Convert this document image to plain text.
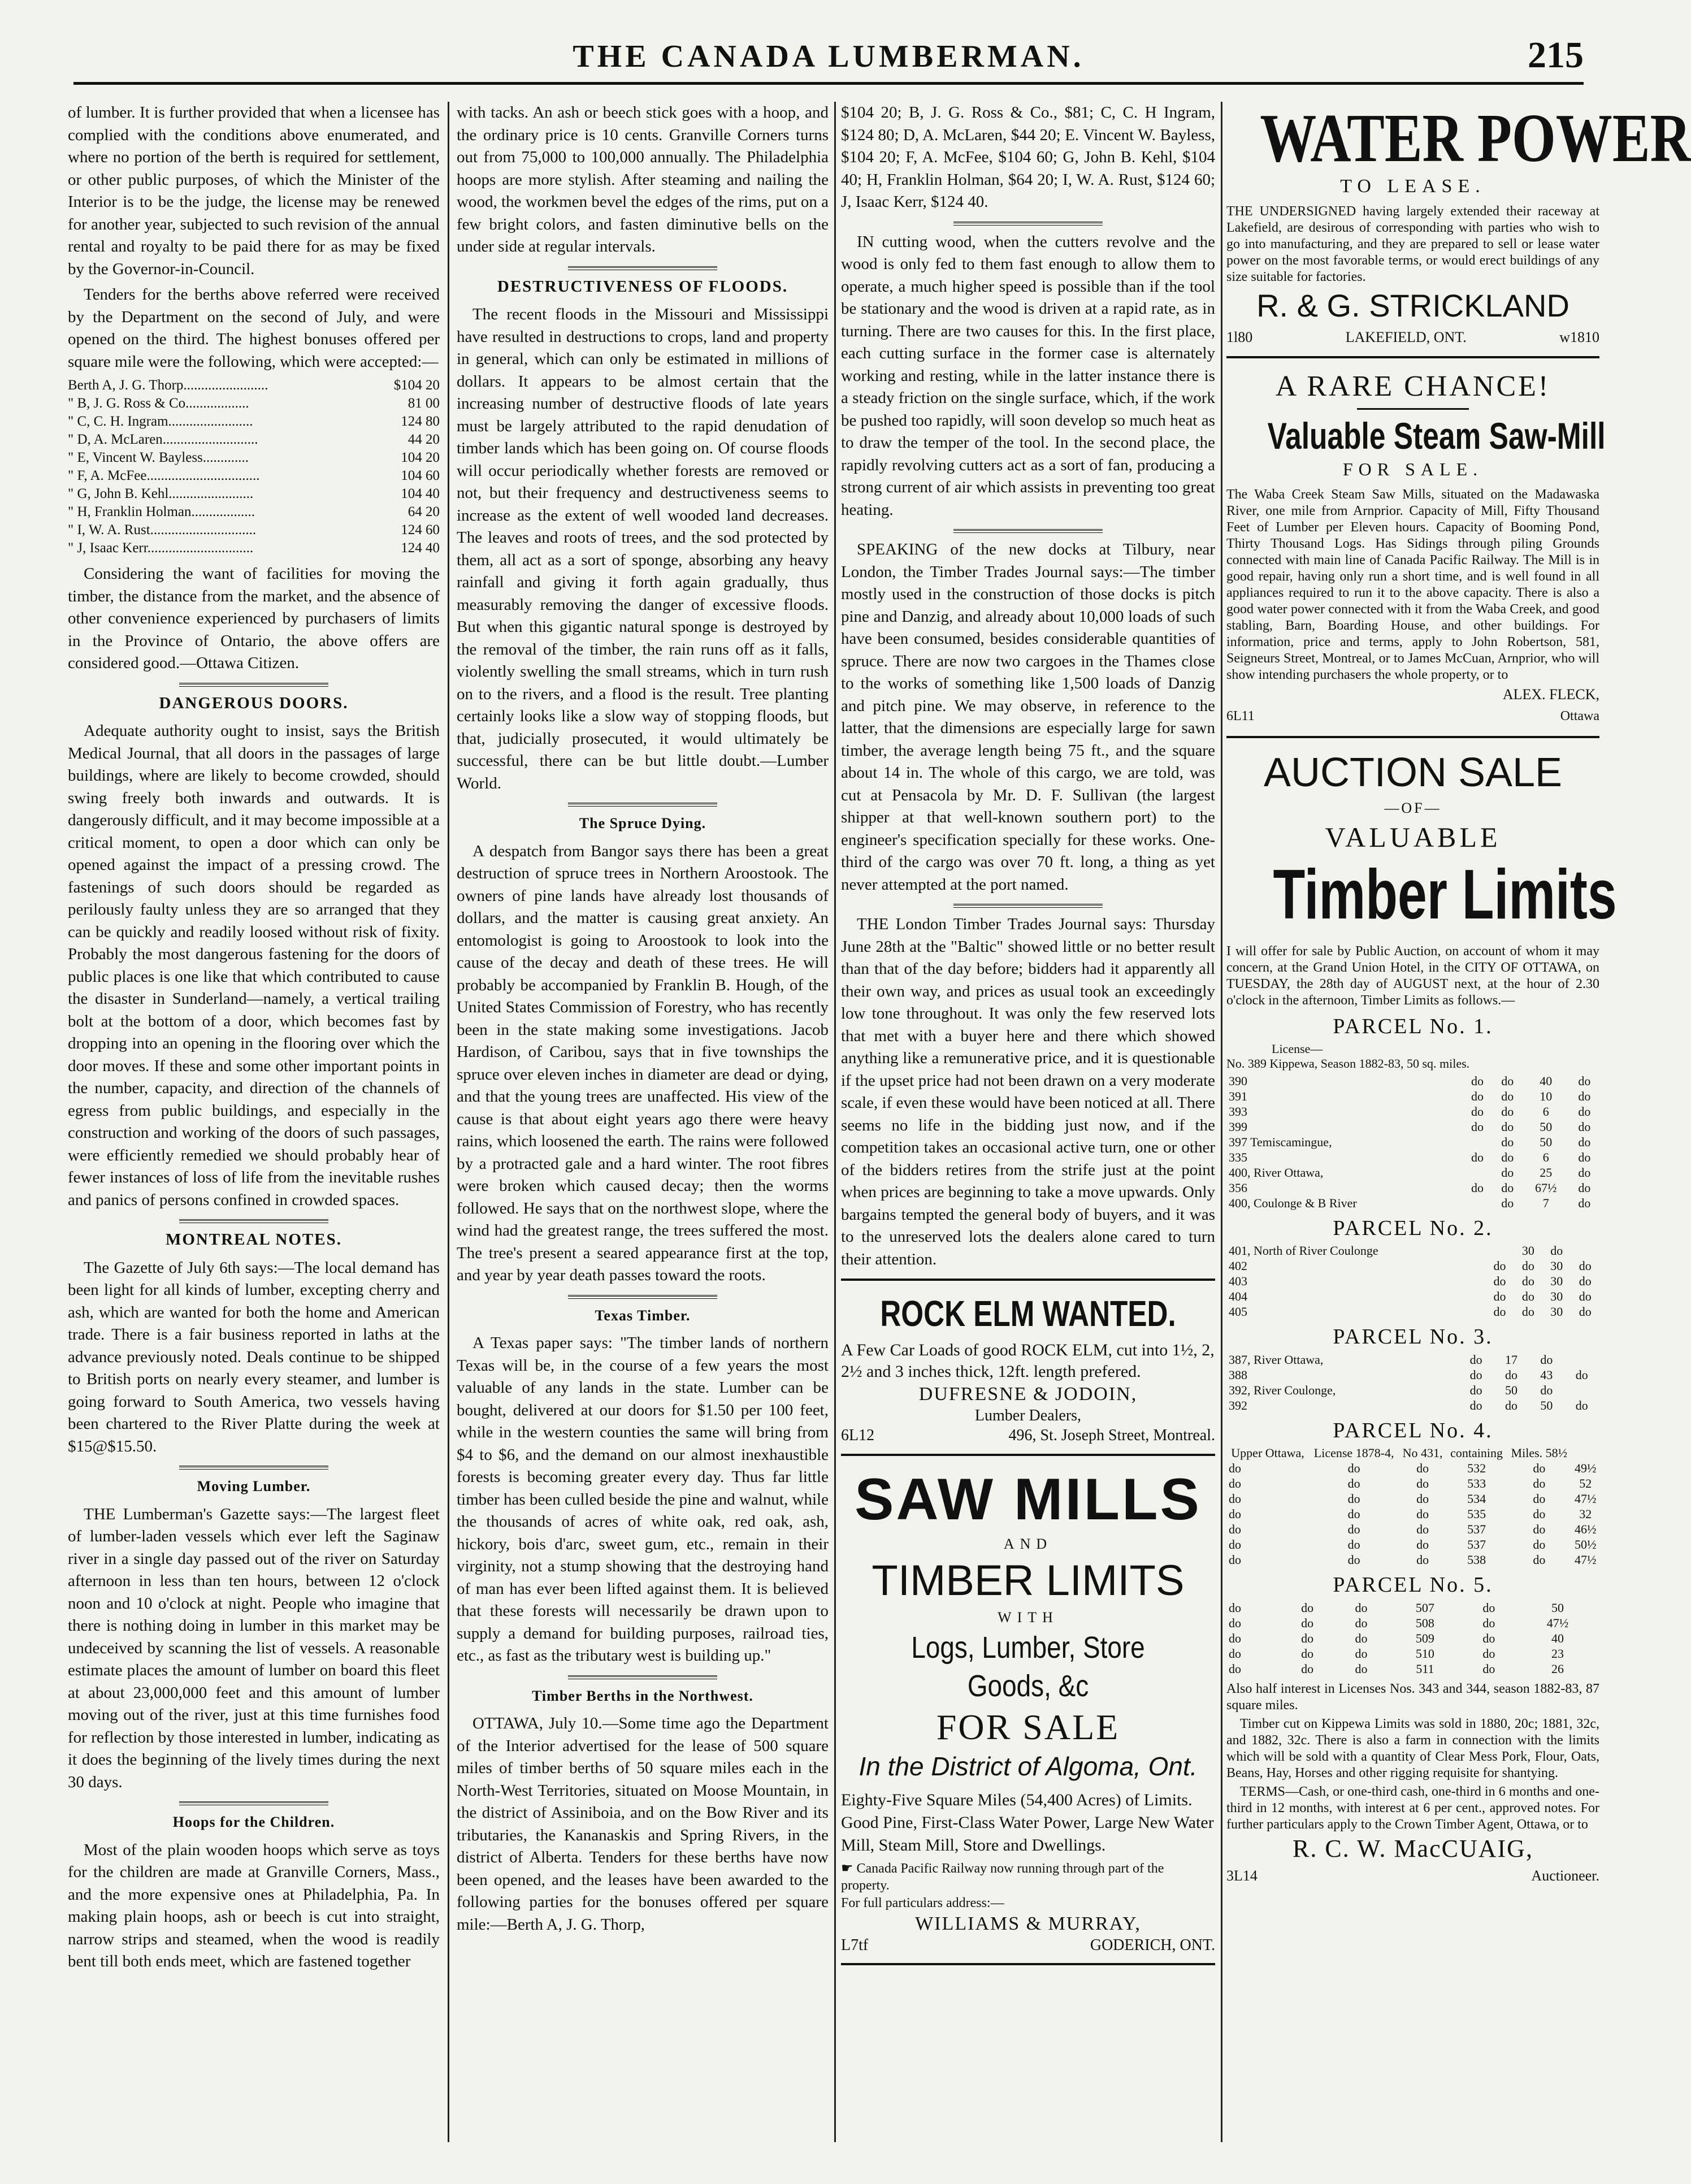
THE CANADA LUMBERMAN.	215

of lumber. It is further provided that when a licensee has complied with the conditions above enumerated, and where no portion of the berth is required for settlement, or other public purposes, of which the Minister of the Interior is to be the judge, the license may be renewed for another year, subjected to such revision of the annual rental and royalty to be paid there for as may be fixed by the Governor-in-Council.

Tenders for the berths above referred were received by the Department on the second of July, and were opened on the third. The highest bonuses offered per square mile were the following, which were accepted:—

Berth A, J. G. Thorp........................	$104 20
" B, J. G. Ross & Co..................	81 00
" C, C. H. Ingram........................	124 80
" D, A. McLaren...........................	44 20
" E, Vincent W. Bayless.............	104 20
" F, A. McFee................................	104 60
" G, John B. Kehl........................	104 40
" H, Franklin Holman..................	64 20
" I, W. A. Rust..............................	124 60
" J, Isaac Kerr..............................	124 40

Considering the want of facilities for moving the timber, the distance from the market, and the absence of other convenience experienced by purchasers of limits in the Province of Ontario, the above offers are considered good.—Ottawa Citizen.

DANGEROUS DOORS.

Adequate authority ought to insist, says the British Medical Journal, that all doors in the passages of large buildings, where are likely to become crowded, should swing freely both inwards and outwards. It is dangerously difficult, and it may become impossible at a critical moment, to open a door which can only be opened against the impact of a pressing crowd. The fastenings of such doors should be regarded as perilously faulty unless they are so arranged that they can be quickly and readily loosed without risk of fixity. Probably the most dangerous fastening for the doors of public places is one like that which contributed to cause the disaster in Sunderland—namely, a vertical trailing bolt at the bottom of a door, which becomes fast by dropping into an opening in the flooring over which the door moves. If these and some other important points in the number, capacity, and direction of the channels of egress from public buildings, and especially in the construction and working of the doors of such passages, were efficiently remedied we should probably hear of fewer instances of loss of life from the inevitable rushes and panics of persons confined in crowded spaces.

MONTREAL NOTES.

The Gazette of July 6th says:—The local demand has been light for all kinds of lumber, excepting cherry and ash, which are wanted for both the home and American trade. There is a fair business reported in laths at the advance previously noted. Deals continue to be shipped to British ports on nearly every steamer, and lumber is going forward to South America, two vessels having been chartered to the River Platte during the week at $15@$15.50.

Moving Lumber.

THE Lumberman's Gazette says:—The largest fleet of lumber-laden vessels which ever left the Saginaw river in a single day passed out of the river on Saturday afternoon in less than ten hours, between 12 o'clock noon and 10 o'clock at night. People who imagine that there is nothing doing in lumber in this market may be undeceived by scanning the list of vessels. A reasonable estimate places the amount of lumber on board this fleet at about 23,000,000 feet and this amount of lumber moving out of the river, just at this time furnishes food for reflection by those interested in lumber, indicating as it does the beginning of the lively times during the next 30 days.

Hoops for the Children.

Most of the plain wooden hoops which serve as toys for the children are made at Granville Corners, Mass., and the more expensive ones at Philadelphia, Pa. In making plain hoops, ash or beech is cut into straight, narrow strips and steamed, when the wood is readily bent till both ends meet, which are fastened together

with tacks. An ash or beech stick goes with a hoop, and the ordinary price is 10 cents. Granville Corners turns out from 75,000 to 100,000 annually. The Philadelphia hoops are more stylish. After steaming and nailing the wood, the workmen bevel the edges of the rims, put on a few bright colors, and fasten diminutive bells on the under side at regular intervals.

DESTRUCTIVENESS OF FLOODS.

The recent floods in the Missouri and Mississippi have resulted in destructions to crops, land and property in general, which can only be estimated in millions of dollars. It appears to be almost certain that the increasing number of destructive floods of late years must be largely attributed to the rapid denudation of timber lands which has been going on. Of course floods will occur periodically whether forests are removed or not, but their frequency and destructiveness seems to increase as the extent of well wooded land decreases. The leaves and roots of trees, and the sod protected by them, all act as a sort of sponge, absorbing any heavy rainfall and giving it forth again gradually, thus measurably removing the danger of excessive floods. But when this gigantic natural sponge is destroyed by the removal of the timber, the rain runs off as it falls, violently swelling the small streams, which in turn rush on to the rivers, and a flood is the result. Tree planting certainly looks like a slow way of stopping floods, but that, judicially prosecuted, it would ultimately be successful, there can be but little doubt.—Lumber World.

The Spruce Dying.

A despatch from Bangor says there has been a great destruction of spruce trees in Northern Aroostook. The owners of pine lands have already lost thousands of dollars, and the matter is causing great anxiety. An entomologist is going to Aroostook to look into the cause of the decay and death of these trees. He will probably be accompanied by Franklin B. Hough, of the United States Commission of Forestry, who has recently been in the state making some investigations. Jacob Hardison, of Caribou, says that in five townships the spruce over eleven inches in diameter are dead or dying, and that the young trees are unaffected. His view of the cause is that about eight years ago there were heavy rains, which loosened the earth. The rains were followed by a protracted gale and a hard winter. The root fibres were broken which caused decay; then the worms followed. He says that on the northwest slope, where the wind had the greatest range, the trees suffered the most. The tree's present a seared appearance first at the top, and year by year death passes toward the roots.

Texas Timber.

A Texas paper says: "The timber lands of northern Texas will be, in the course of a few years the most valuable of any lands in the state. Lumber can be bought, delivered at our doors for $1.50 per 100 feet, while in the western counties the same will bring from $4 to $6, and the demand on our almost inexhaustible forests is becoming greater every day. Thus far little timber has been culled beside the pine and walnut, while the thousands of acres of white oak, red oak, ash, hickory, bois d'arc, sweet gum, etc., remain in their virginity, not a stump showing that the destroying hand of man has ever been lifted against them. It is believed that these forests will necessarily be drawn upon to supply a demand for building purposes, railroad ties, etc., as fast as the tributary west is building up."

Timber Berths in the Northwest.

OTTAWA, July 10.—Some time ago the Department of the Interior advertised for the lease of 500 square miles of timber berths of 50 square miles each in the North-West Territories, situated on Moose Mountain, in the district of Assiniboia, and on the Bow River and its tributaries, the Kananaskis and Spring Rivers, in the district of Alberta. Tenders for these berths have now been opened, and the leases have been awarded to the following parties for the bonuses offered per square mile:—Berth A, J. G. Thorp,

$104 20; B, J. G. Ross & Co., $81; C, C. H Ingram, $124 80; D, A. McLaren, $44 20; E. Vincent W. Bayless, $104 20; F, A. McFee, $104 60; G, John B. Kehl, $104 40; H, Franklin Holman, $64 20; I, W. A. Rust, $124 60; J, Isaac Kerr, $124 40.

IN cutting wood, when the cutters revolve and the wood is only fed to them fast enough to allow them to operate, a much higher speed is possible than if the tool be stationary and the wood is driven at a rapid rate, as in turning. There are two causes for this. In the first place, each cutting surface in the former case is alternately working and resting, while in the latter instance there is a steady friction on the single surface, which, if the work be pushed too rapidly, will soon develop so much heat as to draw the temper of the tool. In the second place, the rapidly revolving cutters act as a sort of fan, producing a strong current of air which assists in preventing too great heating.

SPEAKING of the new docks at Tilbury, near London, the Timber Trades Journal says:—The timber mostly used in the construction of those docks is pitch pine and Danzig, and already about 10,000 loads of such have been consumed, besides considerable quantities of spruce. There are now two cargoes in the Thames close to the works of something like 1,500 loads of Danzig and pitch pine. We may observe, in reference to the latter, that the dimensions are especially large for sawn timber, the average length being 75 ft., and the square about 14 in. The whole of this cargo, we are told, was cut at Pensacola by Mr. D. F. Sullivan (the largest shipper at that well-known southern port) to the engineer's specification specially for these works. One-third of the cargo was over 70 ft. long, a thing as yet never attempted at the port named.

THE London Timber Trades Journal says: Thursday June 28th at the "Baltic" showed little or no better result than that of the day before; bidders had it apparently all their own way, and prices as usual took an exceedingly low tone throughout. It was only the few reserved lots that met with a buyer here and there which showed anything like a remunerative price, and it is questionable if the upset price had not been drawn on a very moderate scale, if even these would have been noticed at all. There seems no life in the bidding just now, and if the competition takes an occasional active turn, one or other of the bidders retires from the strife just at the point when prices are beginning to take a move upwards. Only bargains tempted the general body of buyers, and it was to the unreserved lots the dealers alone cared to turn their attention.

ROCK ELM WANTED.
A Few Car Loads of good ROCK ELM, cut into 1½, 2, 2½ and 3 inches thick, 12ft. length prefered.
DUFRESNE & JODOIN,
Lumber Dealers,
6L12	496, St. Joseph Street, Montreal.
SAW MILLS
AND
TIMBER LIMITS
WITH
Logs, Lumber, Store Goods, &c
FOR SALE
In the District of Algoma, Ont.
Eighty-Five Square Miles (54,400 Acres) of Limits. Good Pine, First-Class Water Power, Large New Water Mill, Steam Mill, Store and Dwellings.
☛ Canada Pacific Railway now running through part of the property.
For full particulars address:—
WILLIAMS & MURRAY,
L7tf	GODERICH, ONT.
WATER POWER
TO LEASE.
THE UNDERSIGNED having largely extended their raceway at Lakefield, are desirous of corresponding with parties who wish to go into manufacturing, and they are prepared to sell or lease water power on the most favorable terms, or would erect buildings of any size suitable for factories.
R. & G. STRICKLAND
1l80	LAKEFIELD, ONT.	w1810
A RARE CHANCE!
Valuable Steam Saw-Mill
FOR SALE.
The Waba Creek Steam Saw Mills, situated on the Madawaska River, one mile from Arnprior. Capacity of Mill, Fifty Thousand Feet of Lumber per Eleven hours. Capacity of Booming Pond, Thirty Thousand Logs. Has Sidings through piling Grounds connected with main line of Canada Pacific Railway. The Mill is in good repair, having only run a short time, and is well found in all appliances required to run it to the above capacity. There is also a good water power connected with it from the Waba Creek, and good stabling, Barn, Boarding House, and other buildings. For information, price and terms, apply to John Robertson, 581, Seigneurs Street, Montreal, or to James McCuan, Arnprior, who will show intending purchasers the whole property, or to
ALEX. FLECK,
6L11	Ottawa
AUCTION SALE
—OF—
VALUABLE
Timber Limits
I will offer for sale by Public Auction, on account of whom it may concern, at the Grand Union Hotel, in the CITY OF OTTAWA, on TUESDAY, the 28th day of AUGUST next, at the hour of 2.30 o'clock in the afternoon, Timber Limits as follows.—
PARCEL No. 1.
License—
No. 389 Kippewa, Season 1882-83, 50 sq. miles.
390	do	do	40	do
391	do	do	10	do
393	do	do	6	do
399	do	do	50	do
397 Temiscamingue,		do	50	do
335	do	do	6	do
400, River Ottawa,		do	25	do
356	do	do	67½	do
400, Coulonge & B River		do	7	do
PARCEL No. 2.
401, North of River Coulonge		30	do	
402	do	do	30	do
403	do	do	30	do
404	do	do	30	do
405	do	do	30	do
PARCEL No. 3.
387, River Ottawa,	do	17	do	
388	do	do	43	do
392, River Coulonge,	do	50	do	
392	do	do	50	do
PARCEL No. 4.
Upper Ottawa,	License 1878-4,	No 431,	containing	Miles. 58½	
do	do	do	532	do	49½
do	do	do	533	do	52
do	do	do	534	do	47½
do	do	do	535	do	32
do	do	do	537	do	46½
do	do	do	537	do	50½
do	do	do	538	do	47½
PARCEL No. 5.
do	do	do	507	do	50
do	do	do	508	do	47½
do	do	do	509	do	40
do	do	do	510	do	23
do	do	do	511	do	26
Also half interest in Licenses Nos. 343 and 344, season 1882-83, 87 square miles.
Timber cut on Kippewa Limits was sold in 1880, 20c; 1881, 32c, and 1882, 32c. There is also a farm in connection with the limits which will be sold with a quantity of Clear Mess Pork, Flour, Oats, Beans, Hay, Horses and other rigging requisite for shantying.
TERMS—Cash, or one-third cash, one-third in 6 months and one-third in 12 months, with interest at 6 per cent., approved notes. For further particulars apply to the Crown Timber Agent, Ottawa, or to
R. C. W. MacCUAIG,
3L14	Auctioneer.
